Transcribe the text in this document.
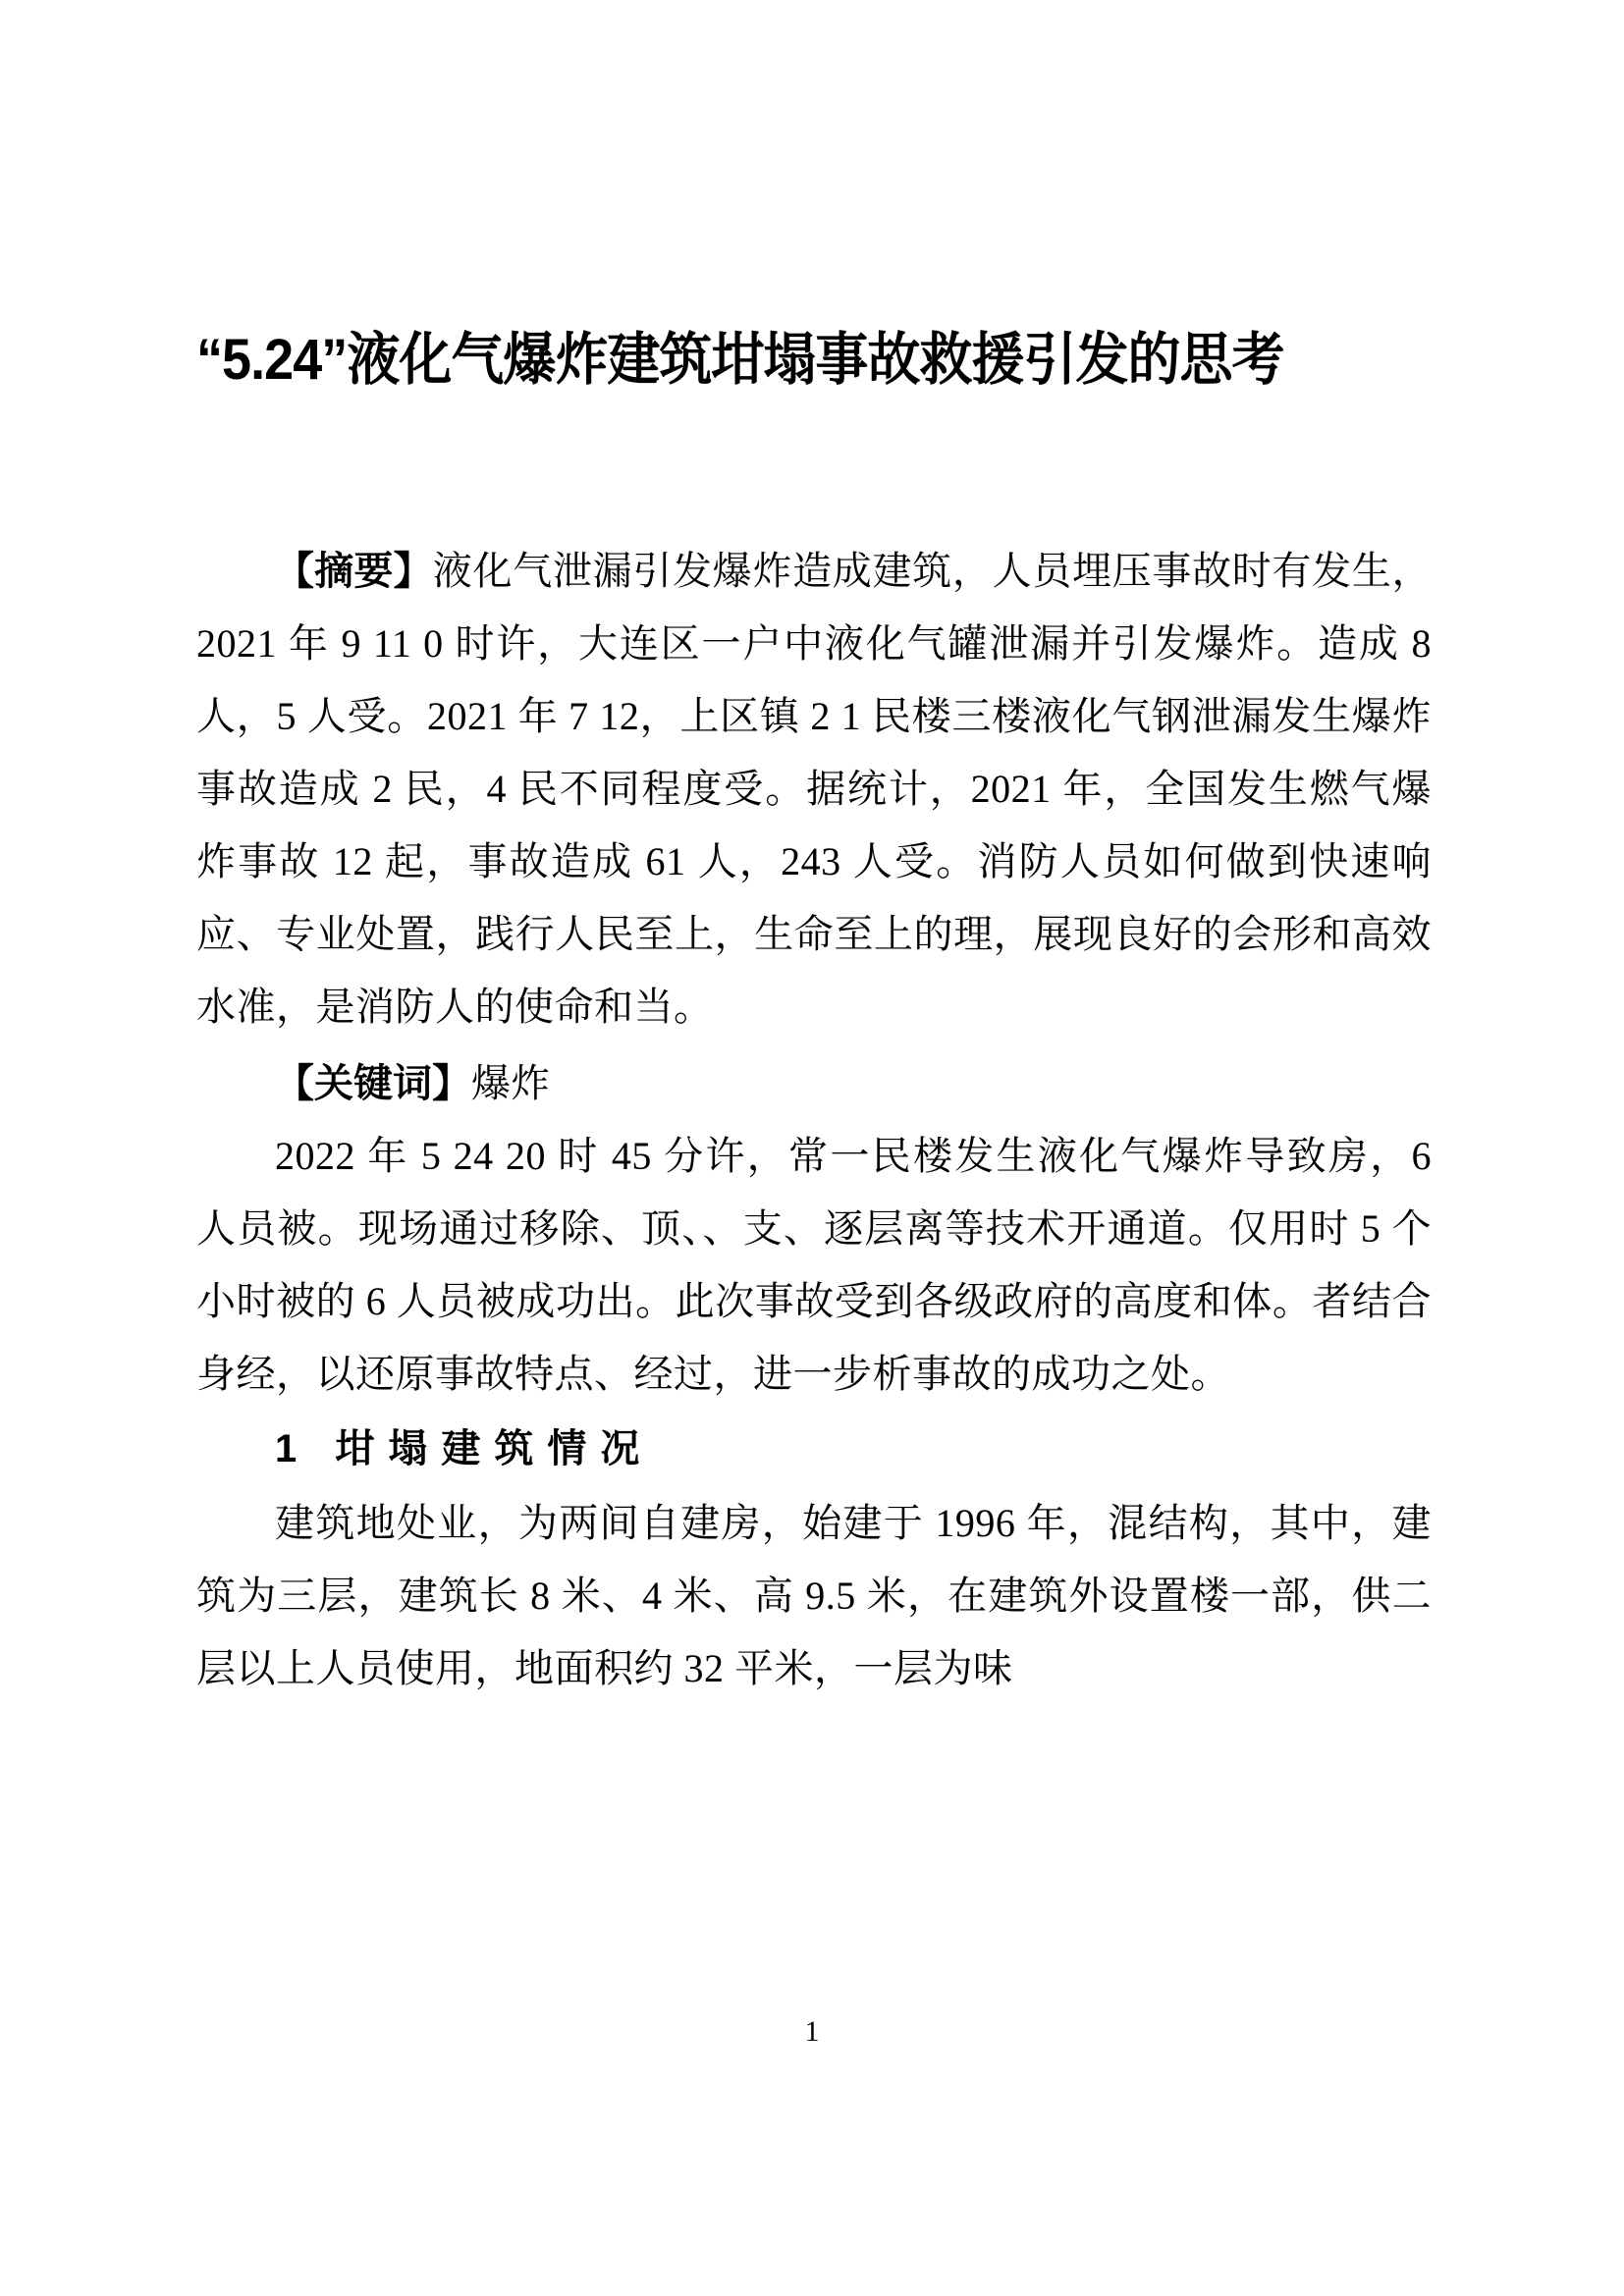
“5.24”液化气爆炸建筑坩塌事故救援引发的思考

【摘要】液化气泄漏引发爆炸造成建筑，人员埋压事故时有发生，2021 年 9 11 0 时许，大连区一户中液化气罐泄漏并引发爆炸。造成 8 人，5 人受。2021 年 7 12，上区镇 2 1 民楼三楼液化气钢泄漏发生爆炸事故造成 2 民，4 民不同程度受。据统计，2021 年，全国发生燃气爆炸事故 12 起，事故造成 61 人，243 人受。消防人员如何做到快速响应、专业处置，践行人民至上，生命至上的理，展现良好的会形和高效水准，是消防人的使命和当。

【关键词】爆炸

2022 年 5 24 20 时 45 分许，常一民楼发生液化气爆炸导致房，6 人员被。现场通过移除、顶、、支、逐层离等技术开通道。仅用时 5 个小时被的 6 人员被成功出。此次事故受到各级政府的高度和体。者结合身经，以还原事故特点、经过，进一步析事故的成功之处。

1 坩塌建筑情况

建筑地处业，为两间自建房，始建于 1996 年，混结构，其中，建筑为三层，建筑长 8 米、4 米、高 9.5 米，在建筑外设置楼一部，供二层以上人员使用，地面积约 32 平米，一层为味

1
